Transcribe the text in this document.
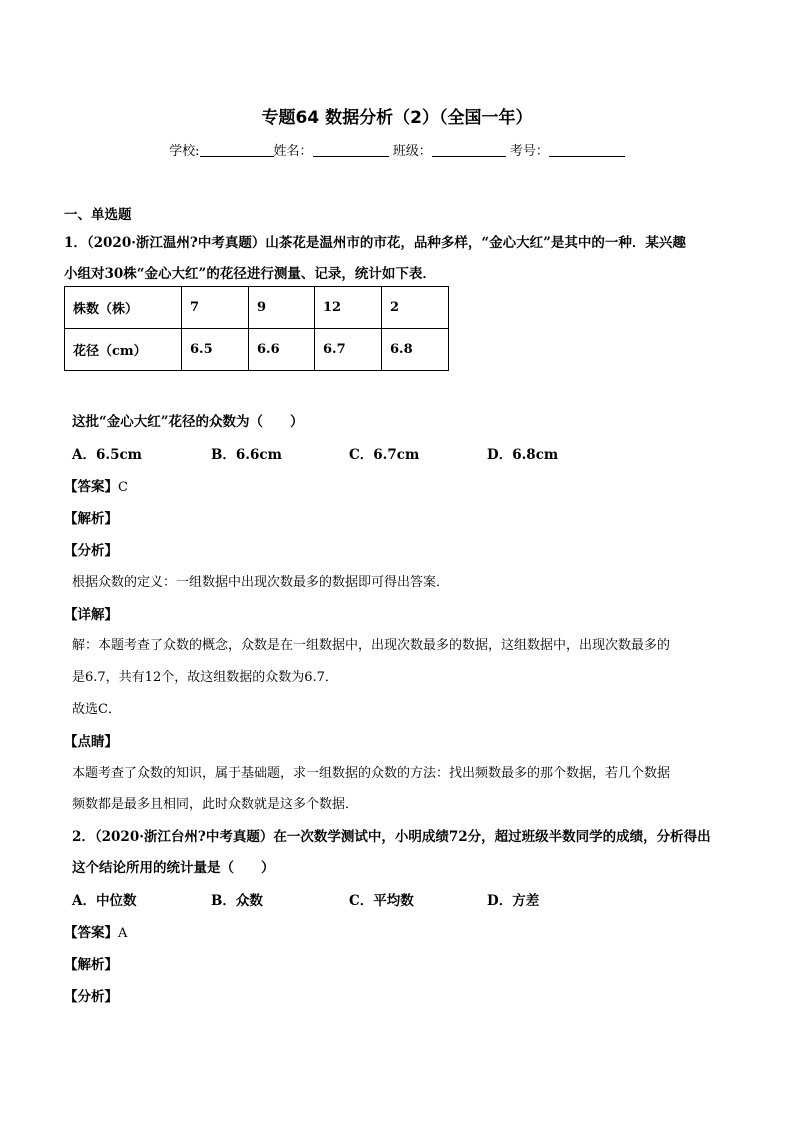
专题64 数据分析（2）（全国一年）
学校:	姓名：	班级：	考号：
一、单选题
1．（2020·浙江温州?中考真题）山茶花是温州市的市花，品种多样，“金心大红”是其中的一种．某兴趣
小组对30株“金心大红”的花径进行测量、记录，统计如下表．
株数（株）	7	9	12	2
花径（cm）	6.5	6.6	6.7	6.8
这批“金心大红”花径的众数为（　　）
A．6.5cm	B．6.6cm	C．6.7cm	D．6.8cm
【答案】C
【解析】
【分析】
根据众数的定义：一组数据中出现次数最多的数据即可得出答案．
【详解】
解：本题考查了众数的概念，众数是在一组数据中，出现次数最多的数据，这组数据中，出现次数最多的
是6.7，共有12个，故这组数据的众数为6.7．
故选C．
【点睛】
本题考查了众数的知识，属于基础题，求一组数据的众数的方法：找出频数最多的那个数据，若几个数据
频数都是最多且相同，此时众数就是这多个数据．
2．（2020·浙江台州?中考真题）在一次数学测试中，小明成绩72分，超过班级半数同学的成绩，分析得出
这个结论所用的统计量是（　　）
A．中位数	B．众数	C．平均数	D．方差
【答案】A
【解析】
【分析】
